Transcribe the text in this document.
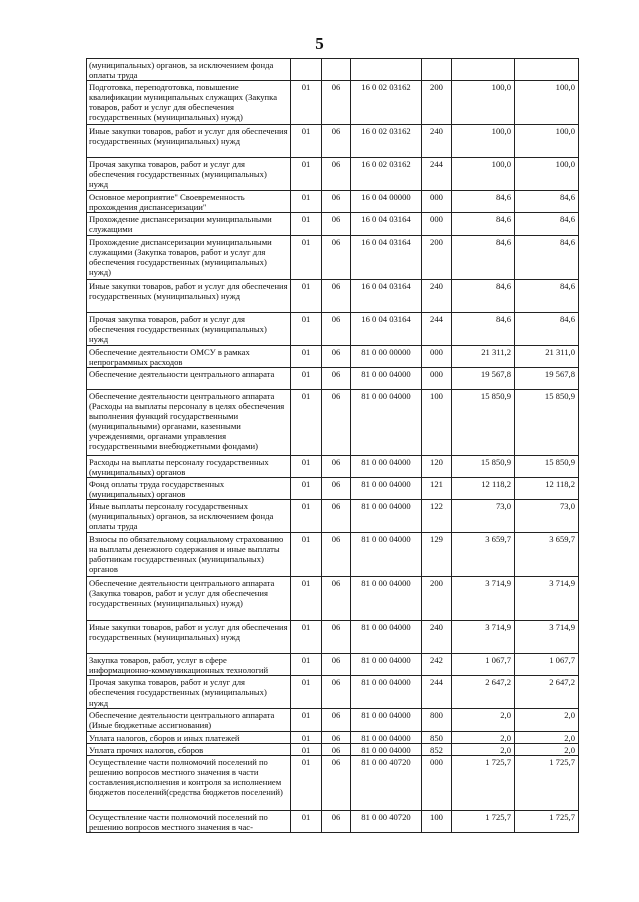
5
(муниципальных) органов, за исключением фонда оплаты труда						
Подготовка, переподготовка, повышение квалификации муниципальных служащих (Закупка товаров, работ и услуг для обеспечения государственных (муниципальных) нужд)	01	06	16 0 02 03162	200	100,0	100,0
Иные закупки товаров, работ и услуг для обеспечения государственных (муниципальных) нужд	01	06	16 0 02 03162	240	100,0	100,0
Прочая закупка товаров, работ и услуг для обеспечения государственных (муниципальных) нужд	01	06	16 0 02 03162	244	100,0	100,0
Основное мероприятие" Своевременность прохождения диспансеризации"	01	06	16 0 04 00000	000	84,6	84,6
Прохождение диспансеризации муниципальными служащими	01	06	16 0 04 03164	000	84,6	84,6
Прохождение диспансеризации муниципальными служащими (Закупка товаров, работ и услуг для обеспечения государственных (муниципальных) нужд)	01	06	16 0 04 03164	200	84,6	84,6
Иные закупки товаров, работ и услуг для обеспечения государственных (муниципальных) нужд	01	06	16 0 04 03164	240	84,6	84,6
Прочая закупка товаров, работ и услуг для обеспечения государственных (муниципальных) нужд	01	06	16 0 04 03164	244	84,6	84,6
Обеспечение деятельности ОМСУ в рамках непрограммных расходов	01	06	81 0 00 00000	000	21 311,2	21 311,0
Обеспечение деятельности центрального аппарата	01	06	81 0 00 04000	000	19 567,8	19 567,8
Обеспечение деятельности центрального аппарата (Расходы на выплаты персоналу в целях обеспечения выполнения функций государственными (муниципальными) органами, казенными учреждениями, органами управления государственными внебюджетными фондами)	01	06	81 0 00 04000	100	15 850,9	15 850,9
Расходы на выплаты персоналу государственных (муниципальных) органов	01	06	81 0 00 04000	120	15 850,9	15 850,9
Фонд оплаты труда государственных (муниципальных) органов	01	06	81 0 00 04000	121	12 118,2	12 118,2
Иные выплаты персоналу государственных (муниципальных) органов, за исключением фонда оплаты труда	01	06	81 0 00 04000	122	73,0	73,0
Взносы по обязательному социальному страхованию на выплаты денежного содержания и иные выплаты работникам государственных (муниципальных) органов	01	06	81 0 00 04000	129	3 659,7	3 659,7
Обеспечение деятельности центрального аппарата (Закупка товаров, работ и услуг для обеспечения государственных (муниципальных) нужд)	01	06	81 0 00 04000	200	3 714,9	3 714,9
Иные закупки товаров, работ и услуг для обеспечения государственных (муниципальных) нужд	01	06	81 0 00 04000	240	3 714,9	3 714,9
Закупка товаров, работ, услуг в сфере информационно-коммуникационных технологий	01	06	81 0 00 04000	242	1 067,7	1 067,7
Прочая закупка товаров, работ и услуг для обеспечения государственных (муниципальных) нужд	01	06	81 0 00 04000	244	2 647,2	2 647,2
Обеспечение деятельности центрального аппарата (Иные бюджетные ассигнования)	01	06	81 0 00 04000	800	2,0	2,0
Уплата налогов, сборов и иных платежей	01	06	81 0 00 04000	850	2,0	2,0
Уплата прочих налогов, сборов	01	06	81 0 00 04000	852	2,0	2,0
Осуществление части полномочий поселений по решению вопросов местного значения в части составления,исполнения и контроля за исполнением бюджетов поселений(средства бюджетов поселений)	01	06	81 0 00 40720	000	1 725,7	1 725,7
Осуществление части полномочий поселений по решению вопросов местного значения в час-	01	06	81 0 00 40720	100	1 725,7	1 725,7
